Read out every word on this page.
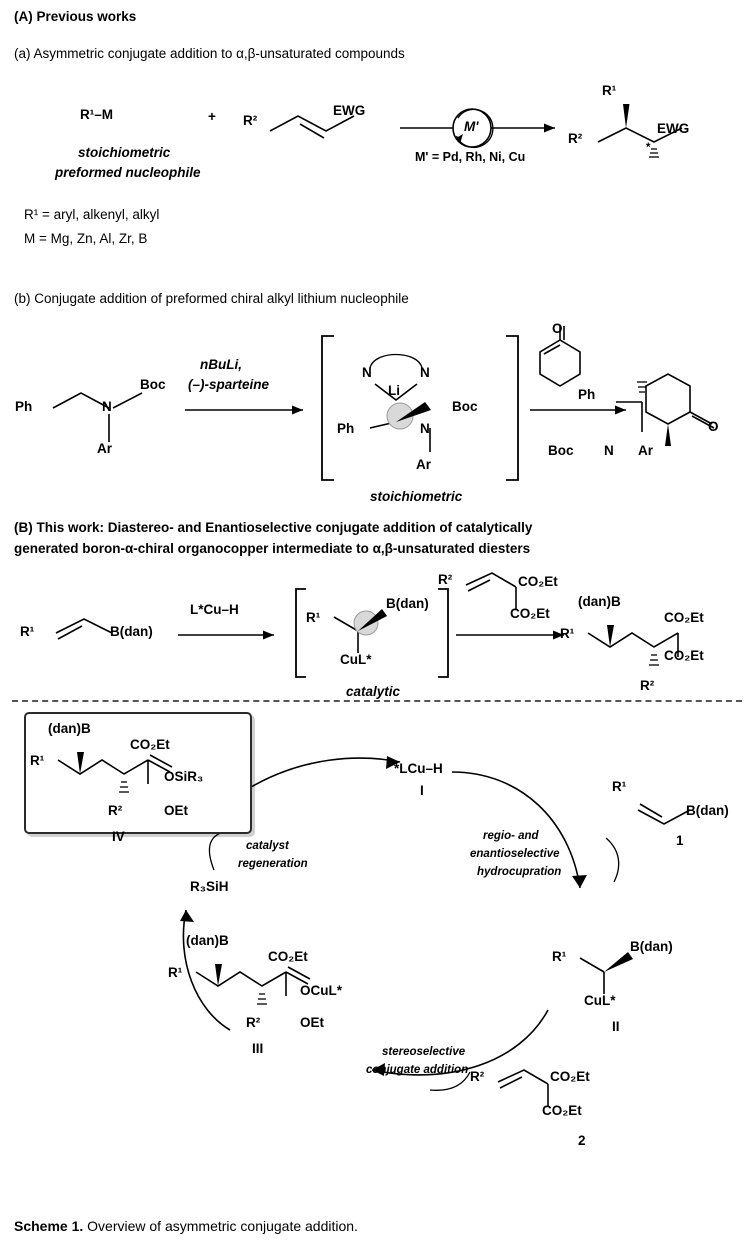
(A) Previous works
(a) Asymmetric conjugate addition to α,β-unsaturated compounds
R¹–M	+ R²
EWG
M'
M' = Pd, Rh, Ni, Cu
R¹
R²
EWG
*
stoichiometric
preformed nucleophile
R¹ = aryl, alkenyl, alkyl
M = Mg, Zn, Al, Zr, B
(b) Conjugate addition of preformed chiral alkyl lithium nucleophile
Ph	N
Boc
Ar
nBuLi,
(–)-sparteine
N	N
Li
Ph	N
Boc
Ar
stoichiometric
O
Ph
O
N
Boc	Ar
(B) This work: Diastereo- and Enantioselective conjugate addition of catalytically
generated boron-α-chiral organocopper intermediate to α,β-unsaturated diesters
R¹	B(dan)
L*Cu–H
R¹
B(dan)
CuL*
catalytic
R²	CO₂Et
CO₂Et
(dan)B
R¹
CO₂Et
CO₂Et
R²
*LCu–H
I	R¹
B(dan)
1
regio- and
enantioselective
hydrocupration
R¹
B(dan)
CuL*
II
R²	CO₂Et
CO₂Et
2
stereoselective
conjugate addition
(dan)B
R¹
CO₂Et
OCuL*
OEt
R²
III
catalyst
regeneration
R₃SiH
(dan)B
R¹
CO₂Et
OSiR₃
OEt
R²
IV
Scheme 1. Overview of asymmetric conjugate addition.
